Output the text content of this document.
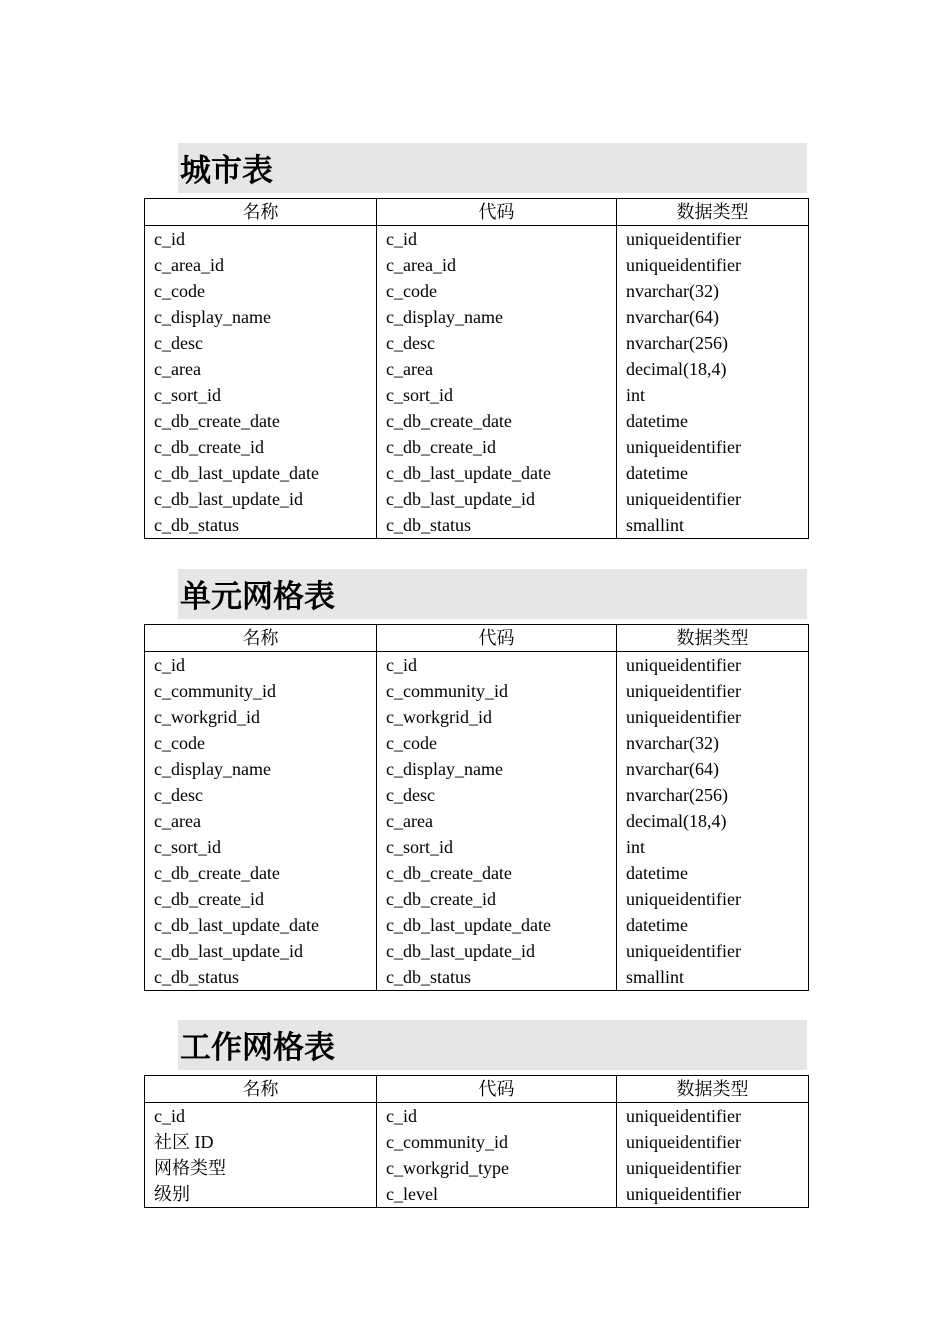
城市表
名称	代码	数据类型
c_id	c_id	uniqueidentifier
c_area_id	c_area_id	uniqueidentifier
c_code	c_code	nvarchar(32)
c_display_name	c_display_name	nvarchar(64)
c_desc	c_desc	nvarchar(256)
c_area	c_area	decimal(18,4)
c_sort_id	c_sort_id	int
c_db_create_date	c_db_create_date	datetime
c_db_create_id	c_db_create_id	uniqueidentifier
c_db_last_update_date	c_db_last_update_date	datetime
c_db_last_update_id	c_db_last_update_id	uniqueidentifier
c_db_status	c_db_status	smallint
单元网格表
名称	代码	数据类型
c_id	c_id	uniqueidentifier
c_community_id	c_community_id	uniqueidentifier
c_workgrid_id	c_workgrid_id	uniqueidentifier
c_code	c_code	nvarchar(32)
c_display_name	c_display_name	nvarchar(64)
c_desc	c_desc	nvarchar(256)
c_area	c_area	decimal(18,4)
c_sort_id	c_sort_id	int
c_db_create_date	c_db_create_date	datetime
c_db_create_id	c_db_create_id	uniqueidentifier
c_db_last_update_date	c_db_last_update_date	datetime
c_db_last_update_id	c_db_last_update_id	uniqueidentifier
c_db_status	c_db_status	smallint
工作网格表
名称	代码	数据类型
c_id	c_id	uniqueidentifier
社区 ID	c_community_id	uniqueidentifier
网格类型	c_workgrid_type	uniqueidentifier
级别	c_level	uniqueidentifier
